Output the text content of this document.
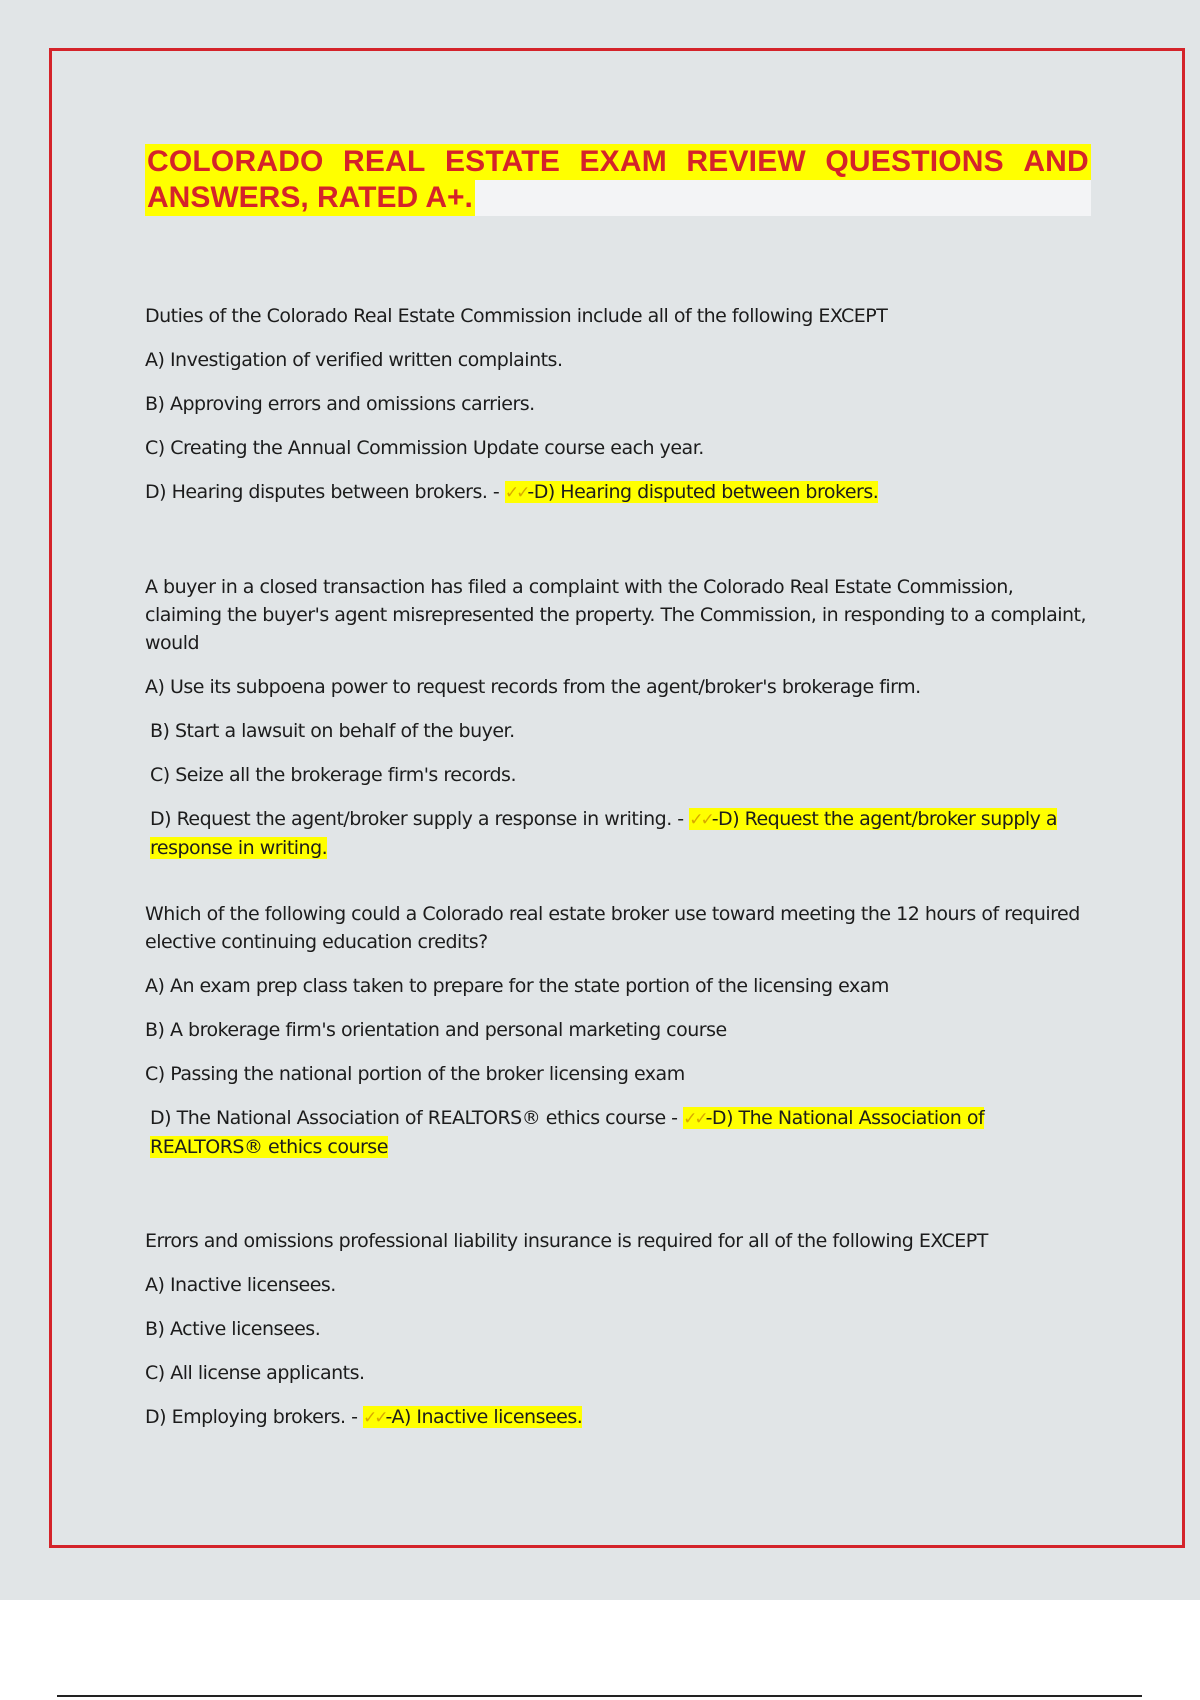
COLORADO REAL ESTATE EXAM REVIEW QUESTIONS AND
ANSWERS, RATED A+.
Duties of the Colorado Real Estate Commission include all of the following EXCEPT
A) Investigation of verified written complaints.
B) Approving errors and omissions carriers.
C) Creating the Annual Commission Update course each year.
D) Hearing disputes between brokers. - ✓✓-D) Hearing disputed between brokers.
A buyer in a closed transaction has filed a complaint with the Colorado Real Estate Commission, claiming the buyer's agent misrepresented the property. The Commission, in responding to a complaint, would
A) Use its subpoena power to request records from the agent/broker's brokerage firm.
B) Start a lawsuit on behalf of the buyer.
C) Seize all the brokerage firm's records.
D) Request the agent/broker supply a response in writing. - ✓✓-D) Request the agent/broker supply a response in writing.
Which of the following could a Colorado real estate broker use toward meeting the 12 hours of required elective continuing education credits?
A) An exam prep class taken to prepare for the state portion of the licensing exam
B) A brokerage firm's orientation and personal marketing course
C) Passing the national portion of the broker licensing exam
D) The National Association of REALTORS® ethics course - ✓✓-D) The National Association of REALTORS® ethics course
Errors and omissions professional liability insurance is required for all of the following EXCEPT
A) Inactive licensees.
B) Active licensees.
C) All license applicants.
D) Employing brokers. - ✓✓-A) Inactive licensees.
